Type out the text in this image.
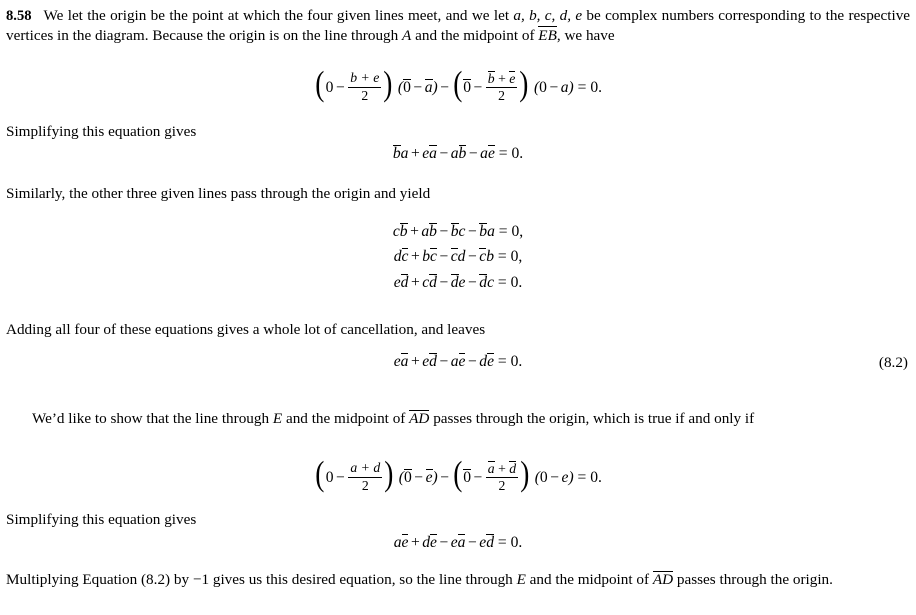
8.58 We let the origin be the point at which the four given lines meet, and we let a, b, c, d, e be complex numbers corresponding to the respective vertices in the diagram. Because the origin is on the line through A and the midpoint of EB, we have

($0 - \frac{b + e}{2}$ ) $(0 - a) - (0 - \frac{b + e}{2}$ ) (0 − a) = 0.

Simplifying this equation gives

ba + ea − ab − ae = 0.

Similarly, the other three given lines pass through the origin and yield

cb + ab − bc − ba = 0,
dc + bc − cd − cb = 0,
ed + cd − de − dc = 0.

Adding all four of these equations gives a whole lot of cancellation, and leaves

ea + ed − ae − de = 0.	(8.2)

We’d like to show that the line through E and the midpoint of AD passes through the origin, which is true if and only if

($0 - \frac{a + d}{2}$ ) $(0 - e) - (0 - \frac{a + d}{2}$ ) (0 − e) = 0.

Simplifying this equation gives

ae + de − ea − ed = 0.

Multiplying Equation (8.2) by −1 gives us this desired equation, so the line through E and the midpoint of AD passes through the origin.
